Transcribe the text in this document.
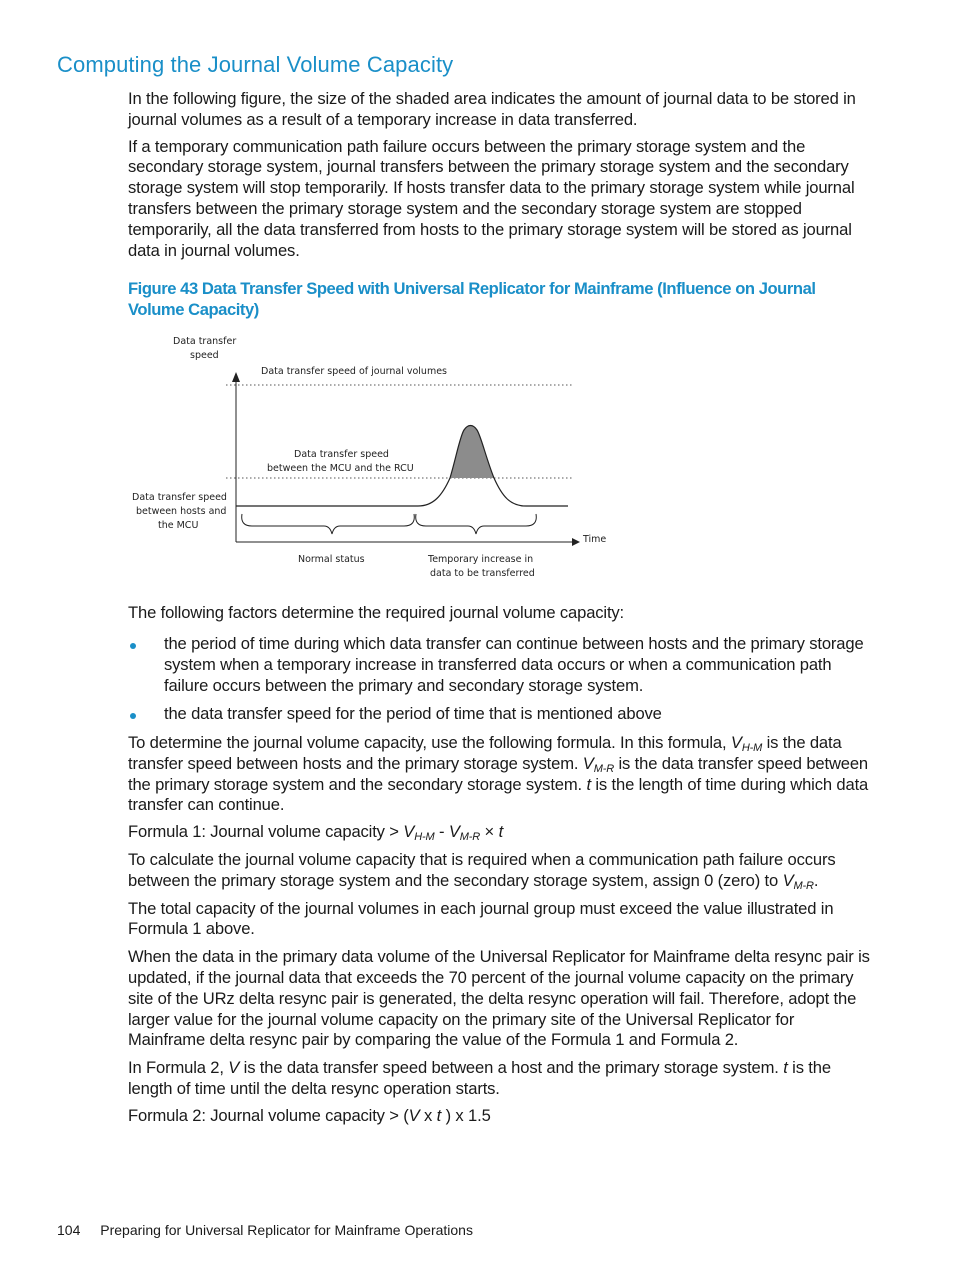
Computing the Journal Volume Capacity

In the following figure, the size of the shaded area indicates the amount of journal data to be stored in journal volumes as a result of a temporary increase in data transferred.

If a temporary communication path failure occurs between the primary storage system and the secondary storage system, journal transfers between the primary storage system and the secondary storage system will stop temporarily. If hosts transfer data to the primary storage system while journal transfers between the primary storage system and the secondary storage system are stopped temporarily, all the data transferred from hosts to the primary storage system will be stored as journal data in journal volumes.

Figure 43 Data Transfer Speed with Universal Replicator for Mainframe (Influence on Journal Volume Capacity)
Data transfer
speed
Time
Data transfer speed of journal volumes
Data transfer speed
between the MCU and the RCU
Data transfer speed
between hosts and
the MCU
Normal status	Temporary increase in
data to be transferred

The following factors determine the required journal volume capacity:

the period of time during which data transfer can continue between hosts and the primary storage system when a temporary increase in transferred data occurs or when a communication path failure occurs between the primary and secondary storage system.
the data transfer speed for the period of time that is mentioned above

To determine the journal volume capacity, use the following formula. In this formula, $V_{H-M}$ is the data transfer speed between hosts and the primary storage system. $V_{M-R}$ is the data transfer speed between the primary storage system and the secondary storage system. t is the length of time during which data transfer can continue.

Formula 1: Journal volume capacity > $V_{H-M} - V_{M-R} \times t$

To calculate the journal volume capacity that is required when a communication path failure occurs between the primary storage system and the secondary storage system, assign 0 (zero) to $V_{M-R}$.

The total capacity of the journal volumes in each journal group must exceed the value illustrated in Formula 1 above.

When the data in the primary data volume of the Universal Replicator for Mainframe delta resync pair is updated, if the journal data that exceeds the 70 percent of the journal volume capacity on the primary site of the URz delta resync pair is generated, the delta resync operation will fail. Therefore, adopt the larger value for the journal volume capacity on the primary site of the Universal Replicator for Mainframe delta resync pair by comparing the value of the Formula 1 and Formula 2.

In Formula 2, V is the data transfer speed between a host and the primary storage system. t is the length of time until the delta resync operation starts.

Formula 2: Journal volume capacity > (V x t ) x 1.5

104 Preparing for Universal Replicator for Mainframe Operations
